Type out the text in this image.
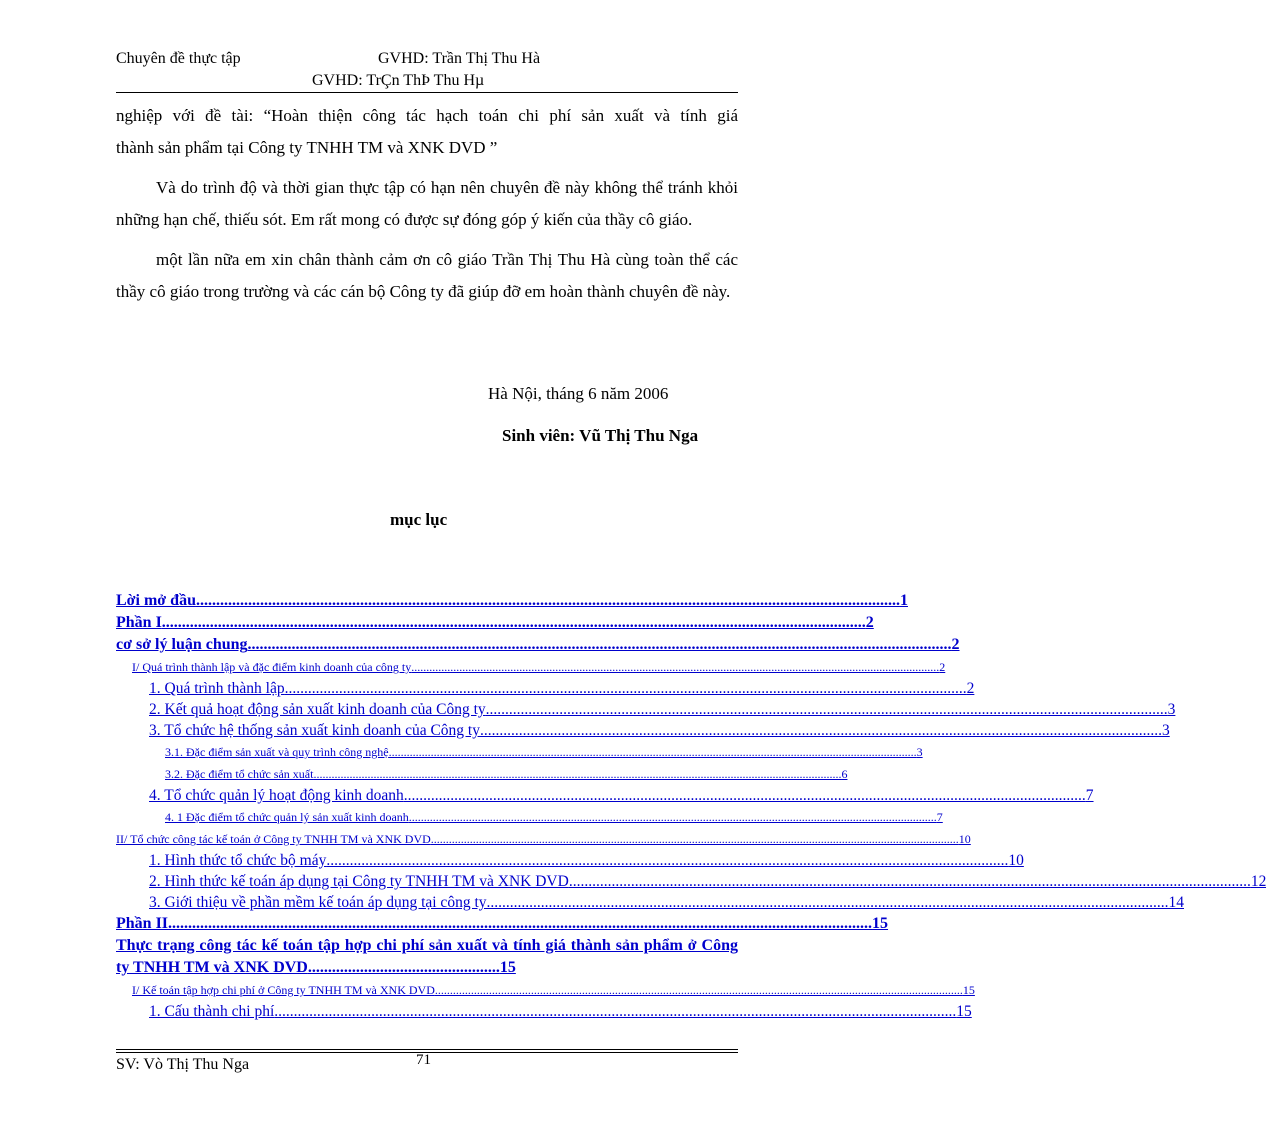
Chuyên đề thực tập	GVHD: Trần Thị Thu Hà
GVHD: TrÇn ThÞ Thu Hµ

nghiệp với đề tài: “Hoàn thiện công tác hạch toán chi phí sản xuất và tính giá

thành sản phẩm tại Công ty TNHH TM và XNK DVD ”

Và do trình độ và thời gian thực tập có hạn nên chuyên đề này không thể tránh khỏi những hạn chế, thiếu sót. Em rất mong có được sự đóng góp ý kiến của thầy cô giáo.

một lần nữa em xin chân thành cảm ơn cô giáo Trần Thị Thu Hà cùng toàn thể các thầy cô giáo trong trường và các cán bộ Công ty đã giúp đỡ em hoàn thành chuyên đề này.

Hà Nội, tháng 6 năm 2006
Sinh viên: Vũ Thị Thu Nga
mục lục
Lời mở đầu ................................................................................................................................................................................ 1
Phần I ................................................................................................................................................................................ 2
cơ sở lý luận chung ................................................................................................................................................................................ 2
I/ Quá trình thành lập và đặc điểm kinh doanh của công ty ................................................................................................................................................................................ 2
1. Quá trình thành lập ................................................................................................................................................................................ 2
2. Kết quả hoạt động sản xuất kinh doanh của Công ty ................................................................................................................................................................................ 3
3. Tổ chức hệ thống sản xuất kinh doanh của Công ty ................................................................................................................................................................................ 3
3.1. Đặc điểm sản xuất và quy trình công nghệ ................................................................................................................................................................................ 3
3.2. Đặc điểm tổ chức sản xuất ................................................................................................................................................................................ 6
4. Tổ chức quản lý hoạt động kinh doanh ................................................................................................................................................................................ 7
4. 1 Đặc điểm tổ chức quản lý sản xuất kinh doanh ................................................................................................................................................................................ 7
II/ Tổ chức công tác kế toán ở Công ty TNHH TM và XNK DVD ................................................................................................................................................................................ 10
1. Hình thức tổ chức bộ máy ................................................................................................................................................................................ 10
2. Hình thức kế toán áp dụng tại Công ty TNHH TM và XNK DVD ................................................................................................................................................................................ 12
3. Giới thiệu về phần mềm kế toán áp dụng tại công ty ................................................................................................................................................................................ 14
Phần II ................................................................................................................................................................................ 15
Thực trạng công tác kế toán tập hợp chi phí sản xuất và tính giá thành sản phẩm ở Công ty TNHH TM và XNK DVD................................................15
I/ Kế toán tập hợp chi phí ở Công ty TNHH TM và XNK DVD ................................................................................................................................................................................ 15
1. Cấu thành chi phí ................................................................................................................................................................................ 15
71
SV: Vò Thị Thu Nga
